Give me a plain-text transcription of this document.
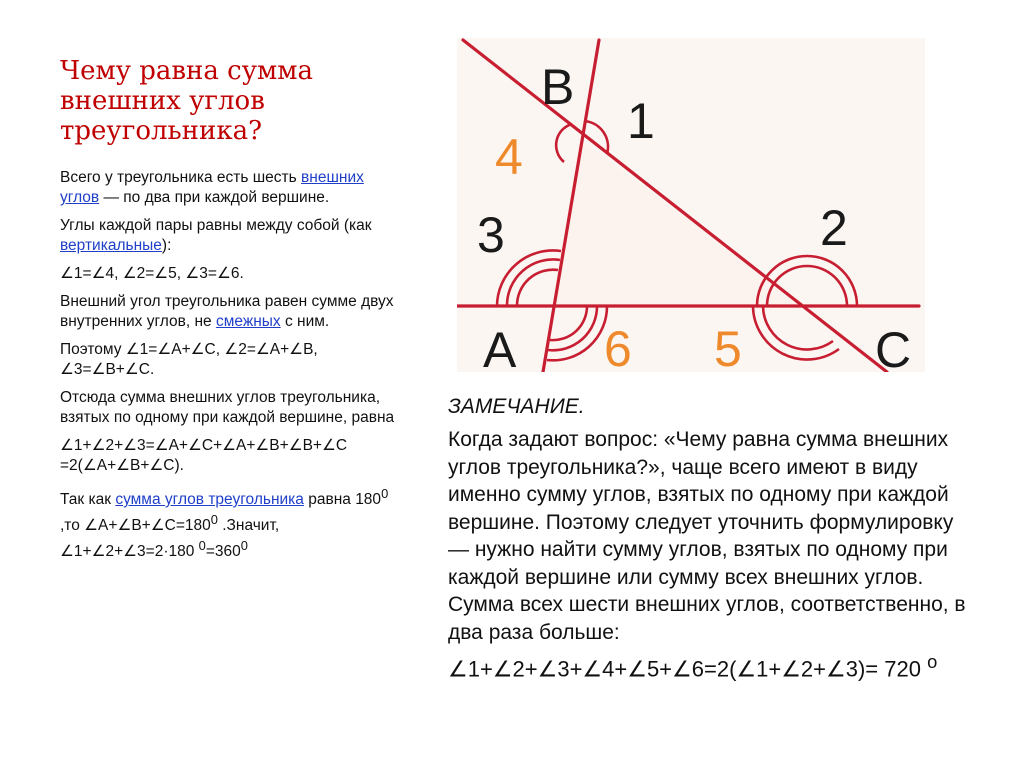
Чему равна сумма внешних углов треугольника?

Всего у треугольника есть шесть внешних углов — по два при каждой вершине.

Углы каждой пары равны между собой (как вертикальные):

∠1=∠4, ∠2=∠5, ∠3=∠6.

Внешний угол треугольника равен сумме двух внутренних углов, не смежных с ним.

Поэтому ∠1=∠A+∠C, ∠2=∠A+∠B, ∠3=∠B+∠C.

Отсюда сумма внешних углов треугольника, взятых по одному при каждой вершине, равна

∠1+∠2+∠3=∠A+∠C+∠A+∠B+∠B+∠C =2(∠A+∠B+∠C).

Так как сумма углов треугольника равна $180^0$ ,то $\angle A+\angle B+\angle C=180^0$ .Значит, ∠1+∠2+∠3=2·180 $^0=360^0$

B
A	C
1
4
3	2
6 5

ЗАМЕЧАНИЕ.

Когда задают вопрос: «Чему равна сумма внешних углов треугольника?», чаще всего имеют в виду именно сумму углов, взятых по одному при каждой вершине. Поэтому следует уточнить формулировку — нужно найти сумму углов, взятых по одному при каждой вершине или сумму всех внешних углов. Сумма всех шести внешних углов, соответственно, в два раза больше:

∠1+∠2+∠3+∠4+∠5+∠6=2(∠1+∠2+∠3)= 720 $^о$
